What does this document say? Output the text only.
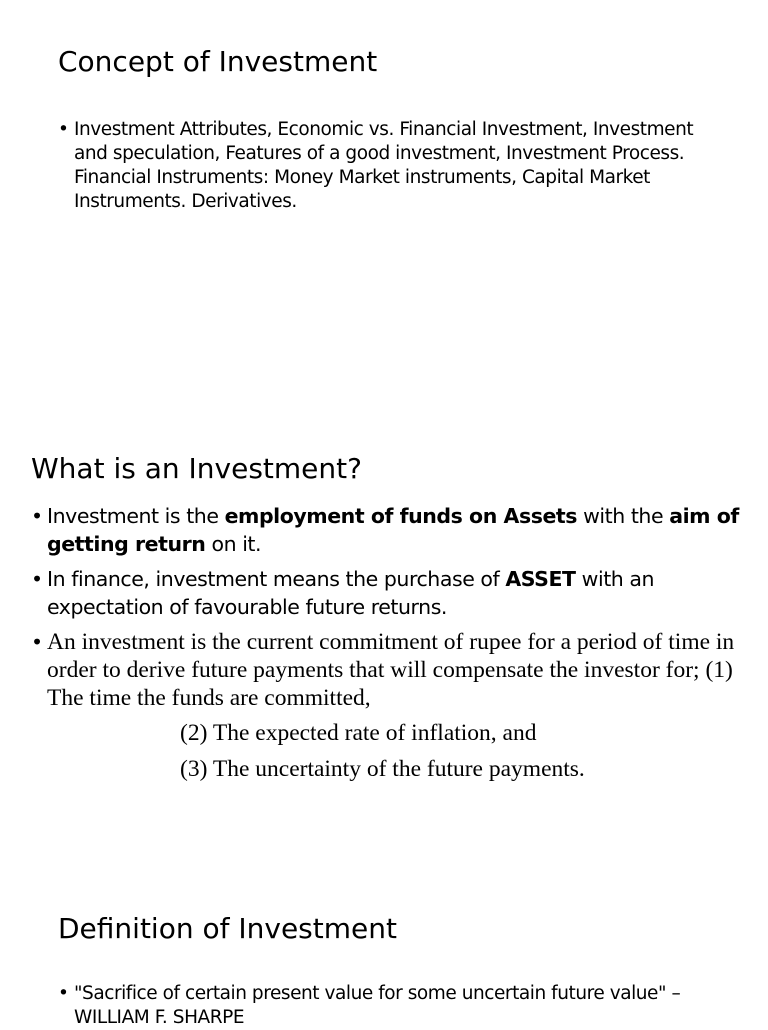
Concept of Investment
• Investment Attributes, Economic vs. Financial Investment, Investment and speculation, Features of a good investment, Investment Process. Financial Instruments: Money Market instruments, Capital Market Instruments. Derivatives.
What is an Investment?
• Investment is the employment of funds on Assets with the aim of getting return on it.
• In finance, investment means the purchase of ASSET with an expectation of favourable future returns.
• An investment is the current commitment of rupee for a period of time in order to derive future payments that will compensate the investor for; (1) The time the funds are committed,
(2) The expected rate of inflation, and
(3) The uncertainty of the future payments.
Definition of Investment
• "Sacrifice of certain present value for some uncertain future value" – WILLIAM F. SHARPE
